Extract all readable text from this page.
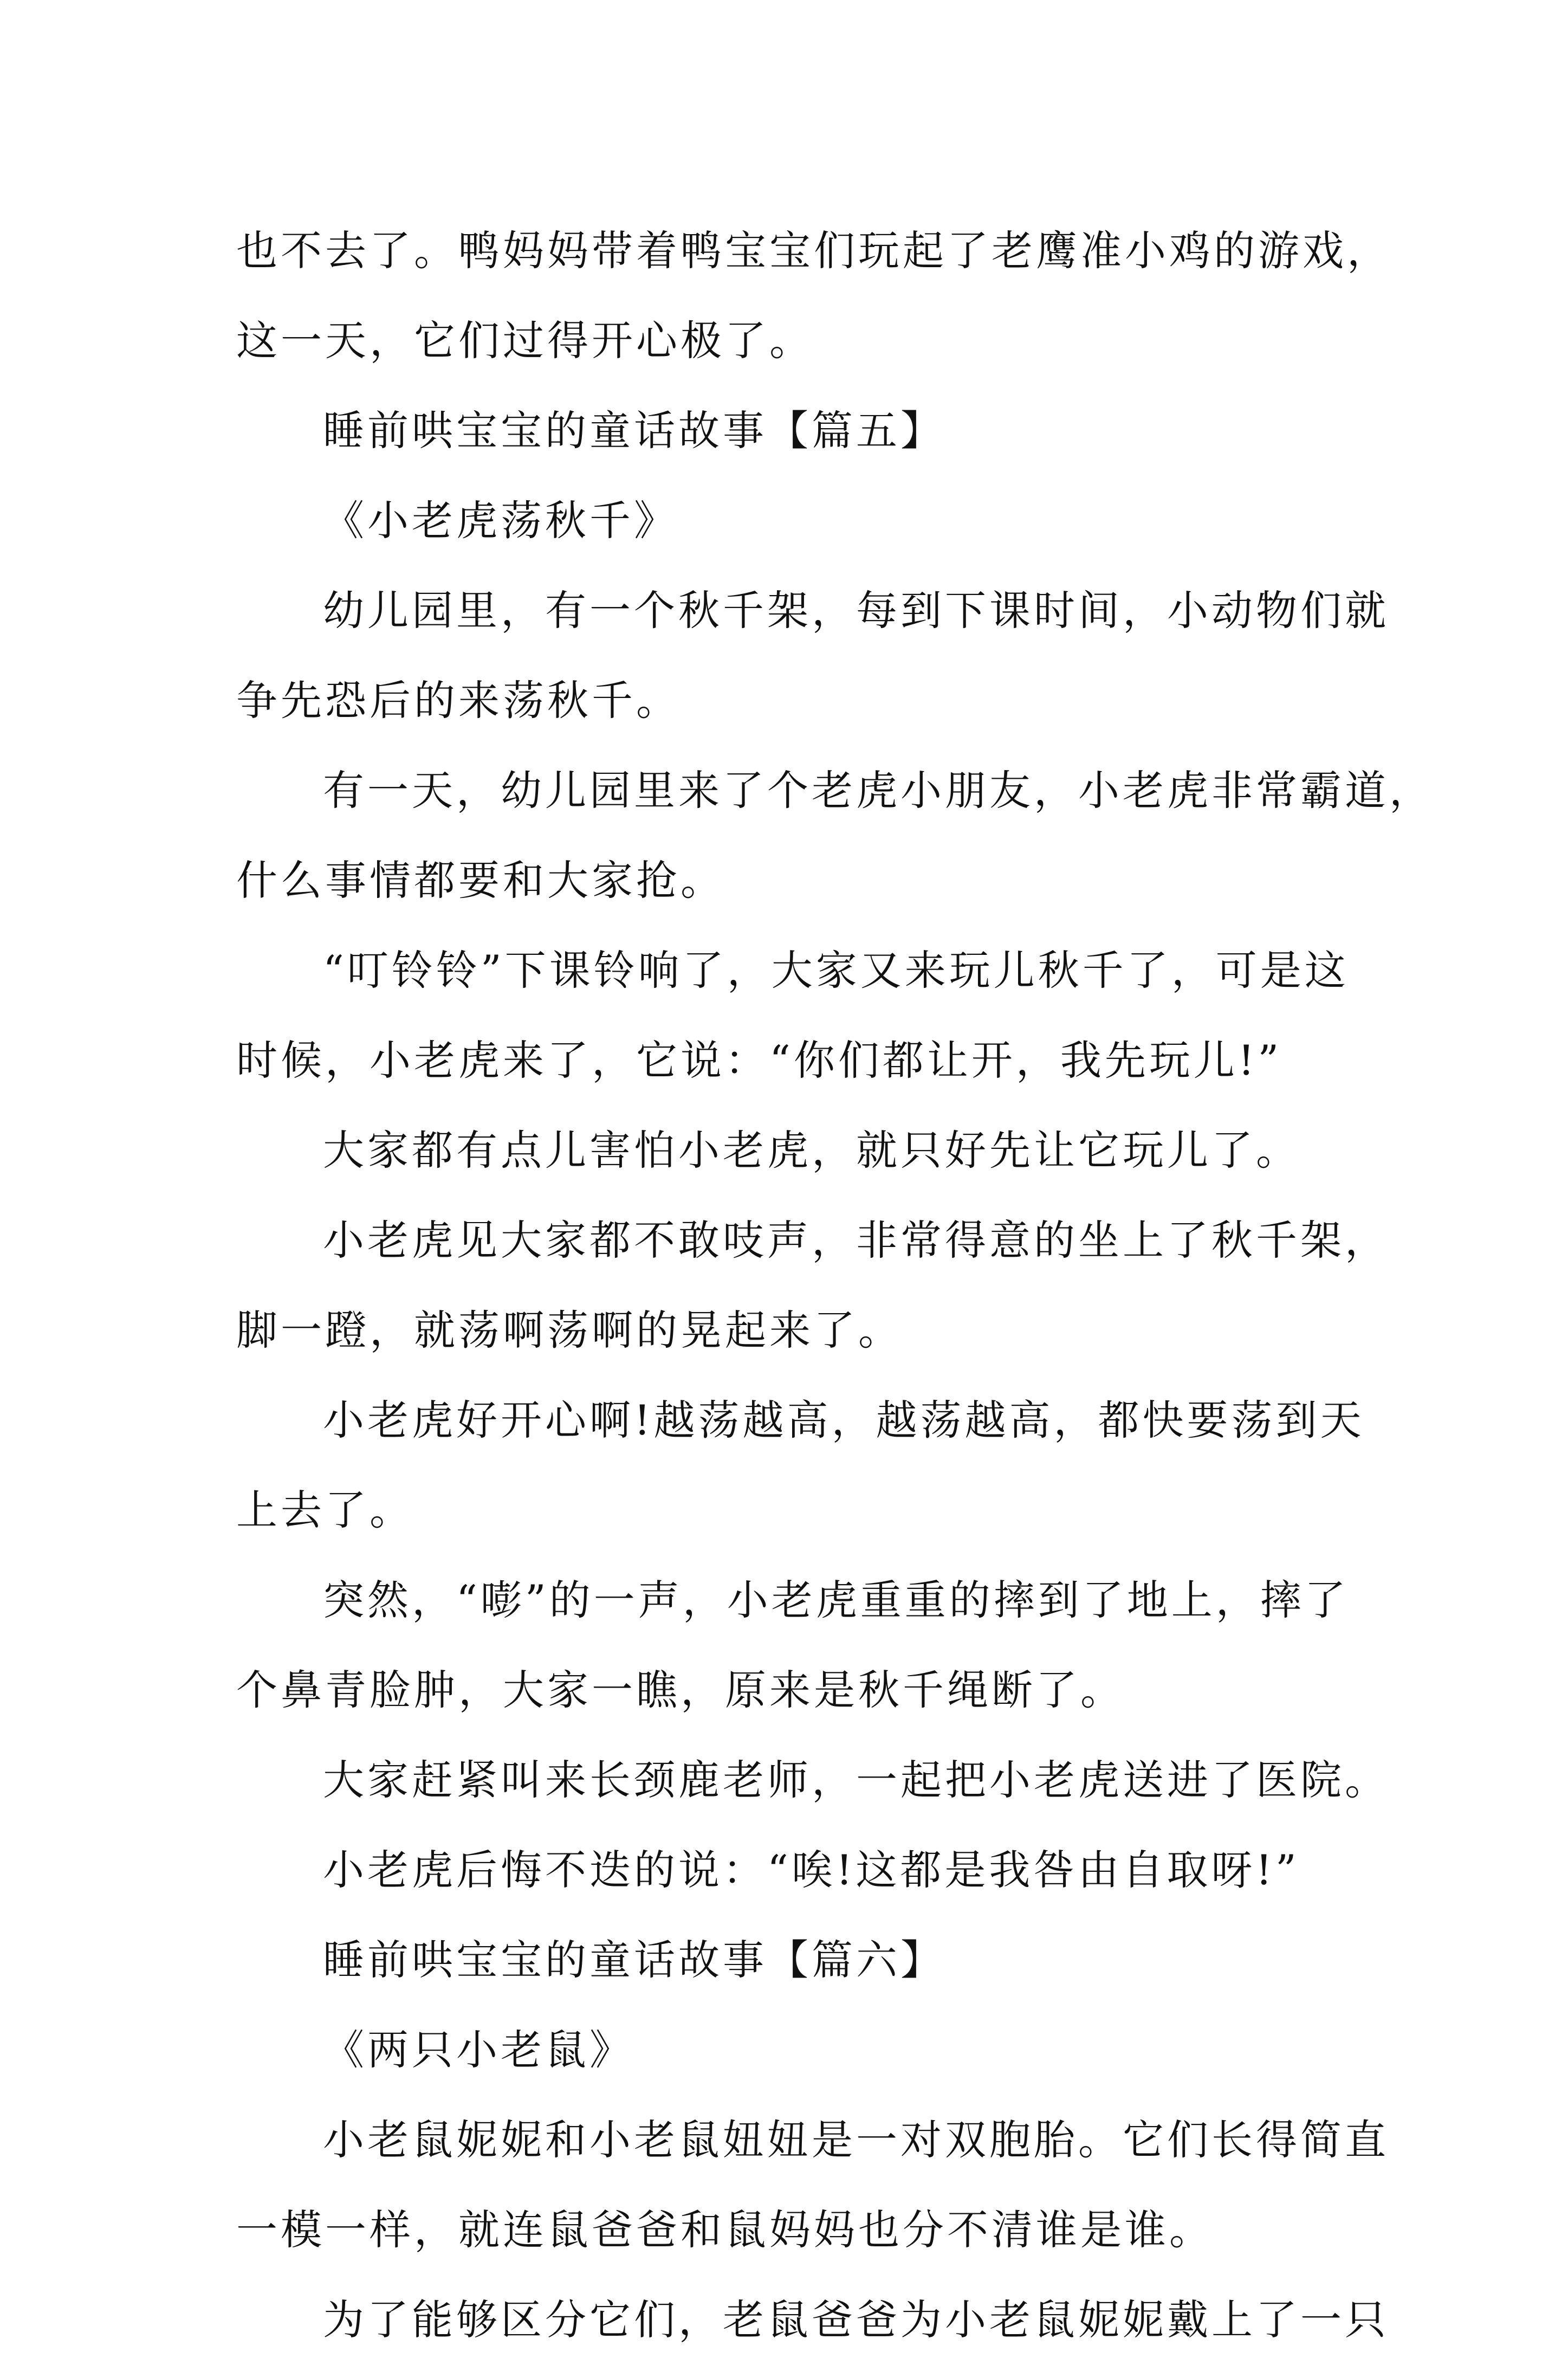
也不去了。鸭妈妈带着鸭宝宝们玩起了老鹰准小鸡的游戏，
这一天，它们过得开心极了。
睡前哄宝宝的童话故事【篇五】
《小老虎荡秋千》
幼儿园里，有一个秋千架，每到下课时间，小动物们就
争先恐后的来荡秋千。
有一天，幼儿园里来了个老虎小朋友，小老虎非常霸道，
什么事情都要和大家抢。
“叮铃铃”下课铃响了，大家又来玩儿秋千了，可是这
时候，小老虎来了，它说：“你们都让开，我先玩儿!”
大家都有点儿害怕小老虎，就只好先让它玩儿了。
小老虎见大家都不敢吱声，非常得意的坐上了秋千架，
脚一蹬，就荡啊荡啊的晃起来了。
小老虎好开心啊!越荡越高，越荡越高，都快要荡到天
上去了。
突然，“嘭”的一声，小老虎重重的摔到了地上，摔了
个鼻青脸肿，大家一瞧，原来是秋千绳断了。
大家赶紧叫来长颈鹿老师，一起把小老虎送进了医院。
小老虎后悔不迭的说：“唉!这都是我咎由自取呀!”
睡前哄宝宝的童话故事【篇六】
《两只小老鼠》
小老鼠妮妮和小老鼠妞妞是一对双胞胎。它们长得简直
一模一样，就连鼠爸爸和鼠妈妈也分不清谁是谁。
为了能够区分它们，老鼠爸爸为小老鼠妮妮戴上了一只
